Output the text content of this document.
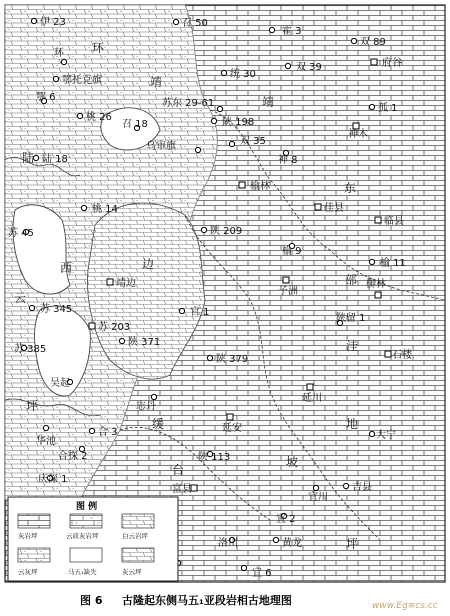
伊 23	召 50
霍 3
双 89
环
鄂托克旗
府谷
双 39
统 30
鄂 6
苏东 29-61	孤 1
桃 26
召 18	陕 198
神木
乌审旗	双 35
神 8
陆 18
榆林
佳县
临县
桃 14
苏 45	陕 209
榆 9
榆 11
柳林
靖边
子洲
苏 345
苏 203
官 1
陕留 1
苏 385
陕 371
陕 379	石楼
吴起
志丹
延川
华池
合 3	延安
大宁
合探 2	陕 113
庆深 1
富县
宜川
吉县
宜 2
洛川	黄龙
宜 6
环
靖
靖
陆
西	边
云
坪
缓
台
坡
地
东
部
洼
坪
图 例
灰岩坪	云质灰岩坪	白云岩坪
云灰坪	马五₁缺失	灰云坪
图 6 古隆起东侧马五₁亚段岩相古地理图	www.Eg≡cs.cc
